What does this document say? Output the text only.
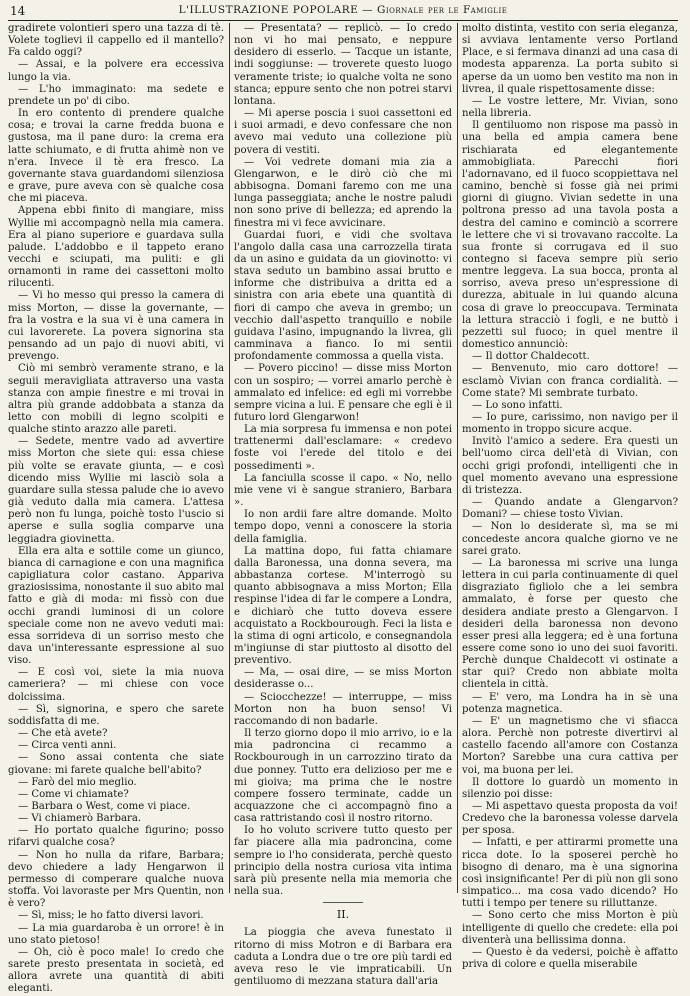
14	L'ILLUSTRAZIONE POPOLARE — Giornale per le Famiglie

gradirete volontieri spero una tazza di tè. Volete toglievi il cappello ed il mantello? Fa caldo oggi?

— Assai, e la polvere era eccessiva lungo la via.

— L'ho immaginato: ma sedete e prendete un po' di cibo.

In ero contento di prendere qualche cosa; e trovai la carne fredda buona e gustosa, ma il pane duro: la crema era latte schiumato, e di frutta ahimè non ve n'era. Invece il tè era fresco. La governante stava guardandomi silenziosa e grave, pure aveva con sè qualche cosa che mi piaceva.

Appena ebbi finito di mangiare, miss Wyllie mi accompagnò nella mia camera. Era al piano superiore e guardava sulla palude. L'addobbo e il tappeto erano vecchi e sciupati, ma puliti: e gli ornamonti in rame dei cassettoni molto rilucenti.

— Vi ho messo qui presso la camera di miss Morton, — disse la governante, — fra la vostra e la sua vi è una camera in cui lavorerete. La povera signorina sta pensando ad un pajo di nuovi abiti, vi prevengo.

Ciò mi sembrò veramente strano, e la seguii meravigliata attraverso una vasta stanza con ampie finestre e mi trovai in altra più grande addobbata a stanza da letto con mobili di legno scolpiti e qualche stinto arazzo alle pareti.

— Sedete, mentre vado ad avvertire miss Morton che siete qui: essa chiese più volte se eravate giunta, — e così dicendo miss Wyllie mi lasciò sola a guardare sulla stessa palude che io avevo già veduto dalla mia camera. L'attesa però non fu lunga, poichè tosto l'uscio si aperse e sulla soglia comparve una leggiadra giovinetta.

Ella era alta e sottile come un giunco, bianca di carnagione e con una magnifica capigliatura color castano. Appariva graziosissima, nonostante il suo abito mal fatto e già di moda: mi fissò con due occhi grandi luminosi di un colore speciale come non ne avevo veduti mai: essa sorrideva di un sorriso mesto che dava un'interessante espressione al suo viso.

— E così voi, siete la mia nuova cameriera? — mi chiese con voce dolcissima.

— Sì, signorina, e spero che sarete soddisfatta di me.

— Che età avete?

— Circa venti anni.

— Sono assai contenta che siate giovane: mi farete qualche bell'abito?

— Farò del mio meglio.

— Come vi chiamate?

— Barbara o West, come vi piace.

— Vi chiamerò Barbara.

— Ho portato qualche figurino; posso rifarvi qualche cosa?

— Non ho nulla da rifare, Barbara; devo chiedere a lady Hengarwon il permesso di comperare qualche nuova stoffa. Voi lavoraste per Mrs Quentin, non è vero?

— Sì, miss; le ho fatto diversi lavori.

— La mia guardaroba è un orrore! è in uno stato pietoso!

— Oh, ciò è poco male! Io credo che sarete presto presentata in società, ed allora avrete una quantità di abiti eleganti.

— Presentata? — replicò. — Io credo non vi ho mai pensato, e neppure desidero di esserlo. — Tacque un istante, indi soggiunse: — troverete questo luogo veramente triste; io qualche volta ne sono stanca; eppure sento che non potrei starvi lontana.

— Mi aperse poscia i suoi cassettoni ed i suoi armadi, e devo confessare che non avevo mai veduto una collezione più povera di vestiti.

— Voi vedrete domani mia zia a Glengarwon, e le dirò ciò che mi abbisogna. Domani faremo con me una lunga passeggiata; anche le nostre paludi non sono prive di bellezza; ed aprendo la finestra mi vi fece avvicinare.

Guardai fuori, e vidi che svoltava l'angolo dalla casa una carrozzella tirata da un asino e guidata da un giovinotto: vi stava seduto un bambino assai brutto e informe che distribuiva a dritta ed a sinistra con aria ebete una quantità di fiori di campo che aveva in grembo; un vecchio dall'aspetto tranquillo e nobile guidava l'asino, impugnando la livrea, gli camminava a fianco. Io mi sentii profondamente commossa a quella vista.

— Povero piccino! — disse miss Morton con un sospiro; — vorrei amarlo perchè è ammalato ed infelice: ed egli mi vorrebbe sempre vicina a lui. E pensare che egli è il futuro lord Glengarwon!

La mia sorpresa fu immensa e non potei trattenermi dall'esclamare: « credevo foste voi l'erede del titolo e dei possedimenti ».

La fanciulla scosse il capo. « No, nello mie vene vi è sangue straniero, Barbara ».

Io non ardii fare altre domande. Molto tempo dopo, venni a conoscere la storia della famiglia.

La mattina dopo, fui fatta chiamare dalla Baronessa, una donna severa, ma abbastanza cortese. M'interrogò su quanto abbisognava a miss Morton; Ella respinse l'idea di far le compere a Londra, e dichiarò che tutto doveva essere acquistato a Rockbourough. Feci la lista e la stima di ogni articolo, e consegnandola m'ingiunse di star piuttosto al disotto del preventivo.

— Ma, — osai dire, — se miss Morton desiderasse o...

— Sciocchezze! — interruppe, — miss Morton non ha buon senso! Vi raccomando di non badarle.

Il terzo giorno dopo il mio arrivo, io e la mia padroncina ci recammo a Rockbourough in un carrozzino tirato da due ponney. Tutto era delizioso per me e mi gioiva; ma prima che le nostre compere fossero terminate, cadde un acquazzone che ci accompagnò fino a casa rattristando così il nostro ritorno.

Io ho voluto scrivere tutto questo per far piacere alla mia padroncina, come sempre io l'ho considerata, perchè questo principio della nostra curiosa vita intima sarà più presente nella mia memoria che nella sua.

II.

La pioggia che aveva funestato il ritorno di miss Motron e di Barbara era caduta a Londra due o tre ore più tardi ed aveva reso le vie impraticabili. Un gentiluomo di mezzana statura dall'aria

molto distinta, vestito con seria eleganza, si avviava lentamente verso Portland Place, e si fermava dinanzi ad una casa di modesta apparenza. La porta subito si aperse da un uomo ben vestito ma non in livrea, il quale rispettosamente disse:

— Le vostre lettere, Mr. Vivian, sono nella libreria.

Il gentiluomo non rispose ma passò in una bella ed ampia camera bene rischiarata ed elegantemente ammobigliata. Parecchi fiori l'adornavano, ed il fuoco scoppiettava nel camino, benchè si fosse già nei primi giorni di giugno. Vivian sedette in una poltrona presso ad una tavola posta a destra del camino e cominciò a scorrere le lettere che vi si trovavano raccolte. La sua fronte si corrugava ed il suo contegno si faceva sempre più serio mentre leggeva. La sua bocca, pronta al sorriso, aveva preso un'espressione di durezza, abituale in lui quando alcuna cosa di grave lo preoccupava. Terminata la lettura stracciò i fogli, e ne buttò i pezzetti sul fuoco; in quel mentre il domestico annunciò:

— Il dottor Chaldecott.

— Benvenuto, mio caro dottore! — esclamò Vivian con franca cordialità. — Come state? Mi sembrate turbato.

— Lo sono infatti.

— Io pure, carissimo, non navigo per il momento in troppo sicure acque.

Invitò l'amico a sedere. Era questi un bell'uomo circa dell'età di Vivian, con occhi grigi profondi, intelligenti che in quel momento avevano una espressione di tristezza.

— Quando andate a Glengarvon? Domani? — chiese tosto Vivian.

— Non lo desiderate sì, ma se mi concedeste ancora qualche giorno ve ne sarei grato.

— La baronessa mi scrive una lunga lettera in cui parla continuamente di quel disgraziato figliolo che a lei sembra ammalato, è forse per questo che desidera andiate presto a Glengarvon. I desideri della baronessa non devono esser presi alla leggera; ed è una fortuna essere come sono io uno dei suoi favoriti. Perchè dunque Chaldecott vi ostinate a star qui? Credo non abbiate molta clientela in città.

— E' vero, ma Londra ha in sè una potenza magnetica.

— E' un magnetismo che vi sfiacca alora. Perchè non potreste divertirvi al castello facendo all'amore con Costanza Morton? Sarebbe una cura cattiva per voi, ma buona per lei.

Il dottore lo guardò un momento in silenzio poi disse:

— Mi aspettavo questa proposta da voi! Credevo che la baronessa volesse darvela per sposa.

— Infatti, e per attirarmi promette una ricca dote. Io la sposerei perchè ho bisogno di denaro, ma è una signorina così insignificante! Per di più non gli sono simpatico... ma cosa vado dicendo? Ho tutti i tempo per tenere su rilluttanze.

— Sono certo che miss Morton è più intelligente di quello che credete: ella poi diventerà una bellissima donna.

— Questo è da vedersi, poichè è affatto priva di colore e quella miserabile
